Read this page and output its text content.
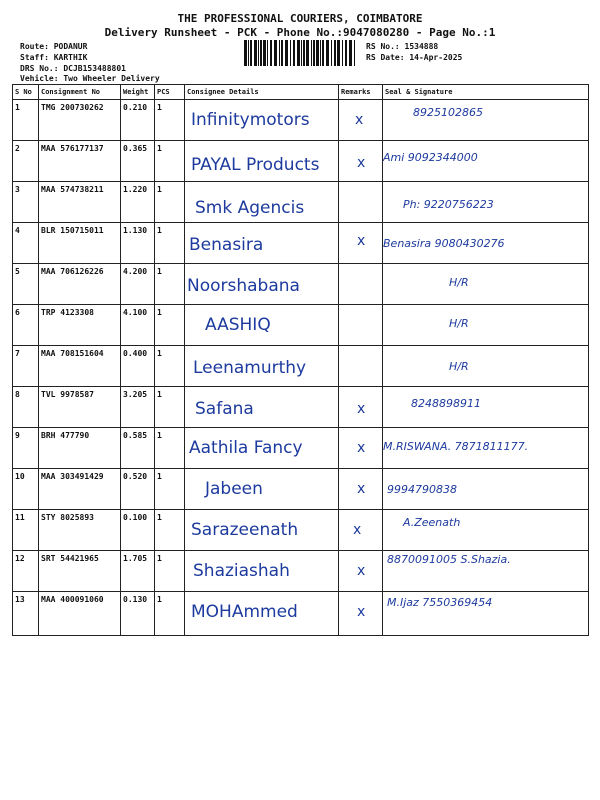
THE PROFESSIONAL COURIERS, COIMBATORE
Delivery Runsheet - PCK - Phone No.:9047080280 - Page No.:1
Route: PODANUR
Staff: KARTHIK
DRS No.: DCJB153488801
Vehicle: Two Wheeler Delivery
RS No.: 1534888
RS Date: 14-Apr-2025
S No	Consignment No	Weight	PCS	Consignee Details	Remarks	Seal & Signature
1	TMG 200730262	0.210	1	Infinitymotors	x	8925102865

2	MAA 576177137	0.365	1	PAYAL Products	x	Ami 9092344000

3	MAA 574738211	1.220	1	Smk Agencis		Ph: 9220756223

4	BLR 150715011	1.130	1	Benasira	x	Benasira 9080430276

5	MAA 706126226	4.200	1	Noorshabana		H/R

6	TRP 4123308	4.100	1	AASHIQ		H/R

7	MAA 708151604	0.400	1	Leenamurthy		H/R

8	TVL 9978587	3.205	1	Safana	x	8248898911

9	BRH 477790	0.585	1	Aathila Fancy	x	M.RISWANA. 7871811177.

10	MAA 303491429	0.520	1	Jabeen	x	9994790838

11	STY 8025893	0.100	1	Sarazeenath	x	A.Zeenath

12	SRT 54421965	1.705	1	Shaziashah	x	8870091005 S.Shazia.

13	MAA 400091060	0.130	1	MOHAmmed	x	M.Ijaz 7550369454
